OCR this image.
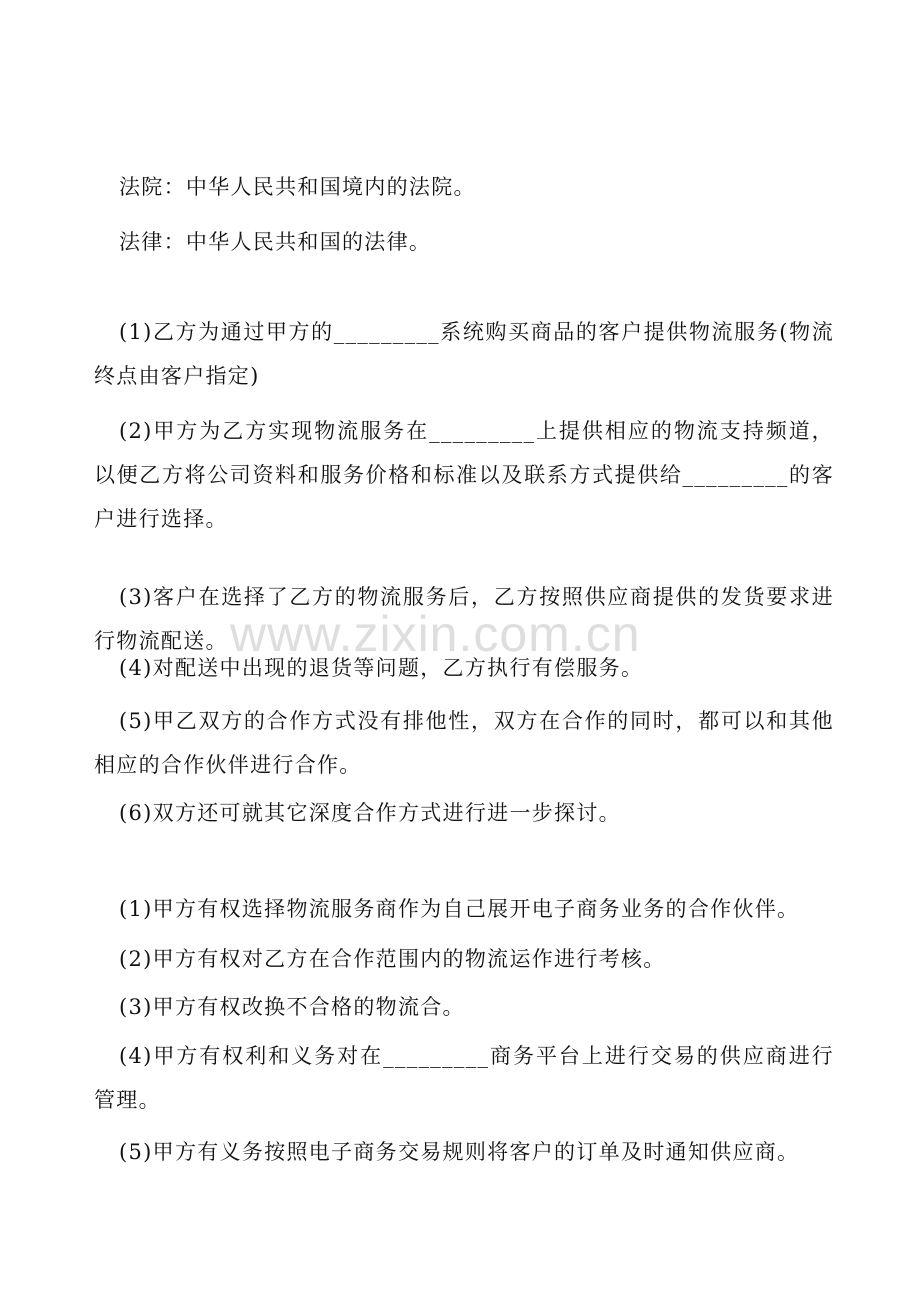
法院：中华人民共和国境内的法院。

法律：中华人民共和国的法律。

(1)乙方为通过甲方的_________系统购买商品的客户提供物流服务(物流终点由客户指定)

(2)甲方为乙方实现物流服务在_________上提供相应的物流支持频道，以便乙方将公司资料和服务价格和标准以及联系方式提供给_________的客户进行选择。

(3)客户在选择了乙方的物流服务后，乙方按照供应商提供的发货要求进行物流配送。

(4)对配送中出现的退货等问题，乙方执行有偿服务。

(5)甲乙双方的合作方式没有排他性，双方在合作的同时，都可以和其他相应的合作伙伴进行合作。

(6)双方还可就其它深度合作方式进行进一步探讨。

(1)甲方有权选择物流服务商作为自己展开电子商务业务的合作伙伴。

(2)甲方有权对乙方在合作范围内的物流运作进行考核。

(3)甲方有权改换不合格的物流合。

(4)甲方有权利和义务对在_________商务平台上进行交易的供应商进行管理。

(5)甲方有义务按照电子商务交易规则将客户的订单及时通知供应商。

www.zixin.com.cn
